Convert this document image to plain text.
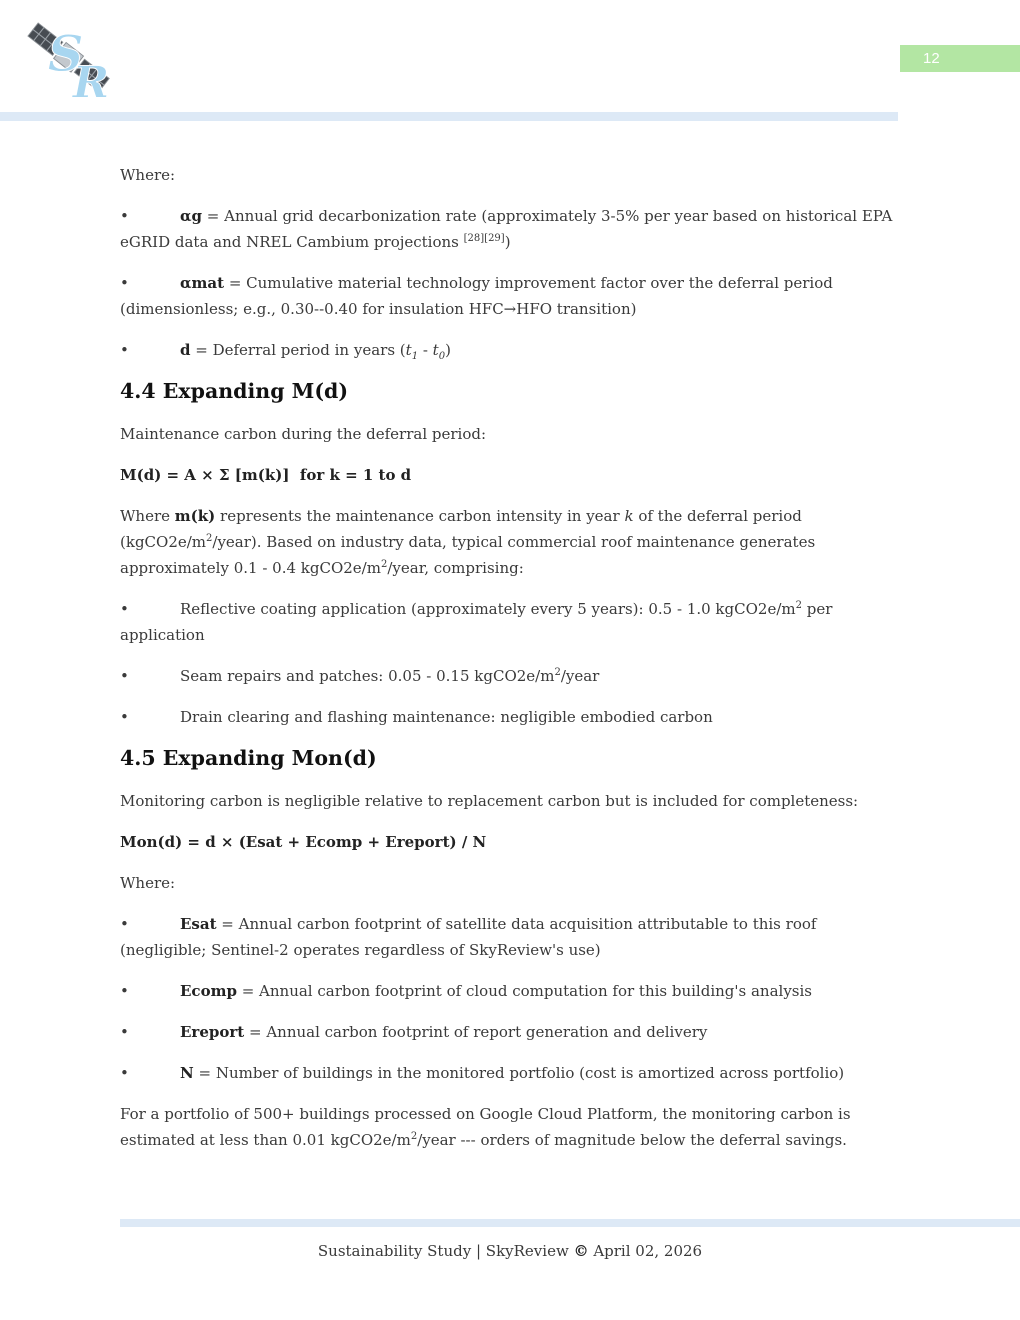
S
R	12

Where:

•	αg = Annual grid decarbonization rate (approximately 3-5% per year based on historical EPA eGRID data and NREL Cambium projections [28][29])

•	αmat = Cumulative material technology improvement factor over the deferral period (dimensionless; e.g., 0.30--0.40 for insulation HFC→HFO transition)

•	d = Deferral period in years $(t_1 - t_0)$

4.4 Expanding M(d)

Maintenance carbon during the deferral period:

M(d) = A × Σ [m(k)]  for k = 1 to d

Where m(k) represents the maintenance carbon intensity in year k of the deferral period $(kgCO2e/m^2/year)$. Based on industry data, typical commercial roof maintenance generates approximately 0.1 - 0.4 $kgCO2e/m^2$/year, comprising:

•	Reflective coating application (approximately every 5 years): 0.5 - 1.0 $kgCO2e/m^2$ per application

•	Seam repairs and patches: 0.05 - 0.15 $kgCO2e/m^2$/year

•	Drain clearing and flashing maintenance: negligible embodied carbon

4.5 Expanding Mon(d)

Monitoring carbon is negligible relative to replacement carbon but is included for completeness:

Mon(d) = d × (Esat + Ecomp + Ereport) / N

Where:

•	Esat = Annual carbon footprint of satellite data acquisition attributable to this roof (negligible; Sentinel-2 operates regardless of SkyReview's use)

•	Ecomp = Annual carbon footprint of cloud computation for this building's analysis

•	Ereport = Annual carbon footprint of report generation and delivery

•	N = Number of buildings in the monitored portfolio (cost is amortized across portfolio)

For a portfolio of 500+ buildings processed on Google Cloud Platform, the monitoring carbon is estimated at less than 0.01 $kgCO2e/m^2$/year --- orders of magnitude below the deferral savings.

Sustainability Study | SkyReview © April 02, 2026
